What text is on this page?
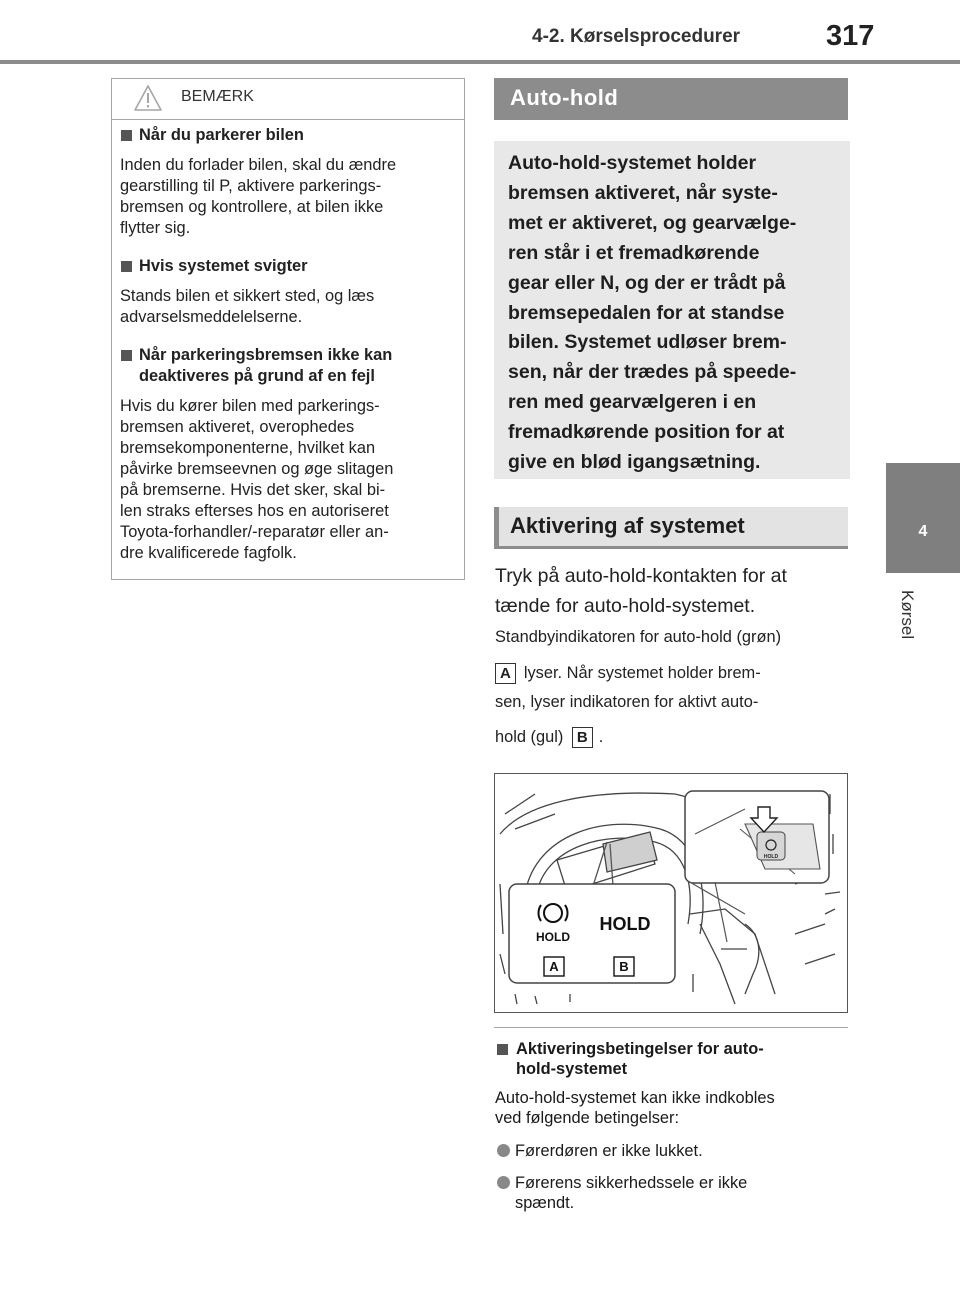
4-2. Kørselsprocedurer	317
4
Kørsel
BEMÆRK
Når du parkerer bilen
Inden du forlader bilen, skal du ændre
gearstilling til P, aktivere parkerings-
bremsen og kontrollere, at bilen ikke
flytter sig.
Hvis systemet svigter
Stands bilen et sikkert sted, og læs
advarselsmeddelelserne.
Når parkeringsbremsen ikke kan
deaktiveres på grund af en fejl
Hvis du kører bilen med parkerings-
bremsen aktiveret, overophedes
bremsekomponenterne, hvilket kan
påvirke bremseevnen og øge slitagen
på bremserne. Hvis det sker, skal bi-
len straks efterses hos en autoriseret
Toyota-forhandler/-reparatør eller an-
dre kvalificerede fagfolk.
Auto-hold
Auto-hold-systemet holder
bremsen aktiveret, når syste-
met er aktiveret, og gearvælge-
ren står i et fremadkørende
gear eller N, og der er trådt på
bremsepedalen for at standse
bilen. Systemet udløser brem-
sen, når der trædes på speede-
ren med gearvælgeren i en
fremadkørende position for at
give en blød igangsætning.
Aktivering af systemet
Tryk på auto-hold-kontakten for at
tænde for auto-hold-systemet.
Standbyindikatoren for auto-hold (grøn)
A lyser. Når systemet holder brem-
sen, lyser indikatoren for aktivt auto-
hold (gul) B .
HOLD
HOLD
HOLD
A	B
Aktiveringsbetingelser for auto-
hold-systemet
Auto-hold-systemet kan ikke indkobles
ved følgende betingelser:
Førerdøren er ikke lukket.
Førerens sikkerhedssele er ikke
spændt.
